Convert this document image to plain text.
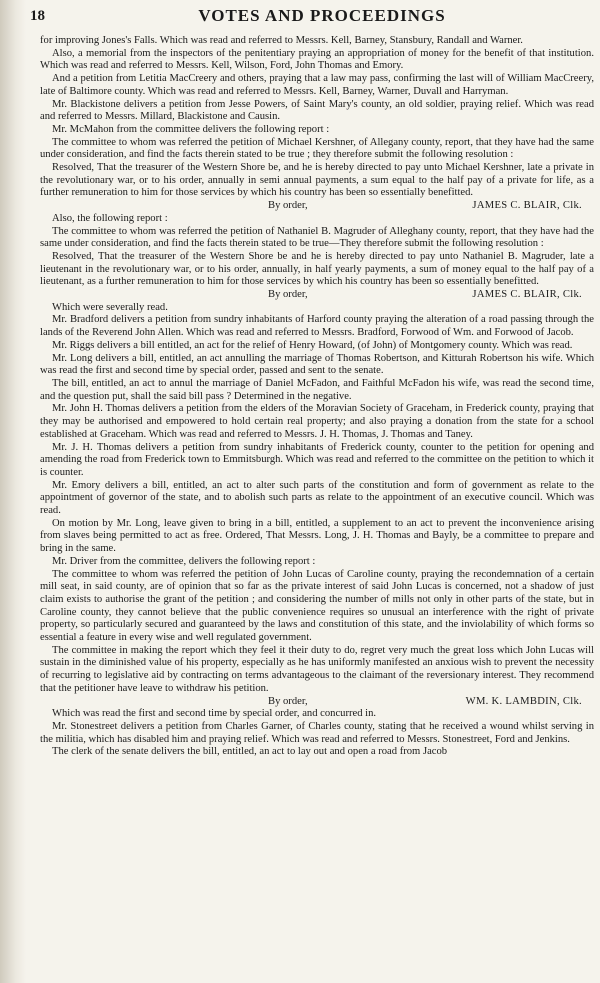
18	VOTES AND PROCEEDINGS

for improving Jones's Falls. Which was read and referred to Messrs. Kell, Barney, Stansbury, Randall and Warner.

Also, a memorial from the inspectors of the penitentiary praying an appropriation of money for the benefit of that institution. Which was read and referred to Messrs. Kell, Wilson, Ford, John Thomas and Emory.

And a petition from Letitia MacCreery and others, praying that a law may pass, confirming the last will of William MacCreery, late of Baltimore county. Which was read and referred to Messrs. Kell, Barney, Warner, Duvall and Harryman.

Mr. Blackistone delivers a petition from Jesse Powers, of Saint Mary's county, an old soldier, praying relief. Which was read and referred to Messrs. Millard, Blackistone and Causin.

Mr. McMahon from the committee delivers the following report :

The committee to whom was referred the petition of Michael Kershner, of Allegany county, report, that they have had the same under consideration, and find the facts therein stated to be true ; they therefore submit the following resolution :

Resolved, That the treasurer of the Western Shore be, and he is hereby directed to pay unto Michael Kershner, late a private in the revolutionary war, or to his order, annually in semi annual payments, a sum equal to the half pay of a private for life, as a further remuneration to him for those services by which his country has been so essentially benefitted.

By order,	JAMES C. BLAIR, Clk.

Also, the following report :

The committee to whom was referred the petition of Nathaniel B. Magruder of Alleghany county, report, that they have had the same under consideration, and find the facts therein stated to be true—They therefore submit the following resolution :

Resolved, That the treasurer of the Western Shore be and he is hereby directed to pay unto Nathaniel B. Magruder, late a lieutenant in the revolutionary war, or to his order, annually, in half yearly payments, a sum of money equal to the half pay of a lieutenant, as a further remuneration to him for those services by which his country has been so essentially benefitted.

By order,	JAMES C. BLAIR, Clk.

Which were severally read.

Mr. Bradford delivers a petition from sundry inhabitants of Harford county praying the alteration of a road passing through the lands of the Reverend John Allen. Which was read and referred to Messrs. Bradford, Forwood of Wm. and Forwood of Jacob.

Mr. Riggs delivers a bill entitled, an act for the relief of Henry Howard, (of John) of Montgomery county. Which was read.

Mr. Long delivers a bill, entitled, an act annulling the marriage of Thomas Robertson, and Kitturah Robertson his wife. Which was read the first and second time by special order, passed and sent to the senate.

The bill, entitled, an act to annul the marriage of Daniel McFadon, and Faithful McFadon his wife, was read the second time, and the question put, shall the said bill pass ? Determined in the negative.

Mr. John H. Thomas delivers a petition from the elders of the Moravian Society of Graceham, in Frederick county, praying that they may be authorised and empowered to hold certain real property; and also praying a donation from the state for a school established at Graceham. Which was read and referred to Messrs. J. H. Thomas, J. Thomas and Taney.

Mr. J. H. Thomas delivers a petition from sundry inhabitants of Frederick county, counter to the petition for opening and amending the road from Frederick town to Emmitsburgh. Which was read and referred to the committee on the petition to which it is counter.

Mr. Emory delivers a bill, entitled, an act to alter such parts of the constitution and form of government as relate to the appointment of governor of the state, and to abolish such parts as relate to the appointment of an executive council. Which was read.

On motion by Mr. Long, leave given to bring in a bill, entitled, a supplement to an act to prevent the inconvenience arising from slaves being permitted to act as free. Ordered, That Messrs. Long, J. H. Thomas and Bayly, be a committee to prepare and bring in the same.

Mr. Driver from the committee, delivers the following report :

The committee to whom was referred the petition of John Lucas of Caroline county, praying the recondemnation of a certain mill seat, in said county, are of opinion that so far as the private interest of said John Lucas is concerned, not a shadow of just claim exists to authorise the grant of the petition ; and considering the number of mills not only in other parts of the state, but in Caroline county, they cannot believe that the public convenience requires so unusual an interference with the right of private property, so particularly secured and guaranteed by the laws and constitution of this state, and the inviolability of which forms so essential a feature in every wise and well regulated government.

The committee in making the report which they feel it their duty to do, regret very much the great loss which John Lucas will sustain in the diminished value of his property, especially as he has uniformly manifested an anxious wish to prevent the necessity of recurring to legislative aid by contracting on terms advantageous to the claimant of the reversionary interest. They recommend that the petitioner have leave to withdraw his petition.

By order,	WM. K. LAMBDIN, Clk.

Which was read the first and second time by special order, and concurred in.

Mr. Stonestreet delivers a petition from Charles Garner, of Charles county, stating that he received a wound whilst serving in the militia, which has disabled him and praying relief. Which was read and referred to Messrs. Stonestreet, Ford and Jenkins.

The clerk of the senate delivers the bill, entitled, an act to lay out and open a road from Jacob
